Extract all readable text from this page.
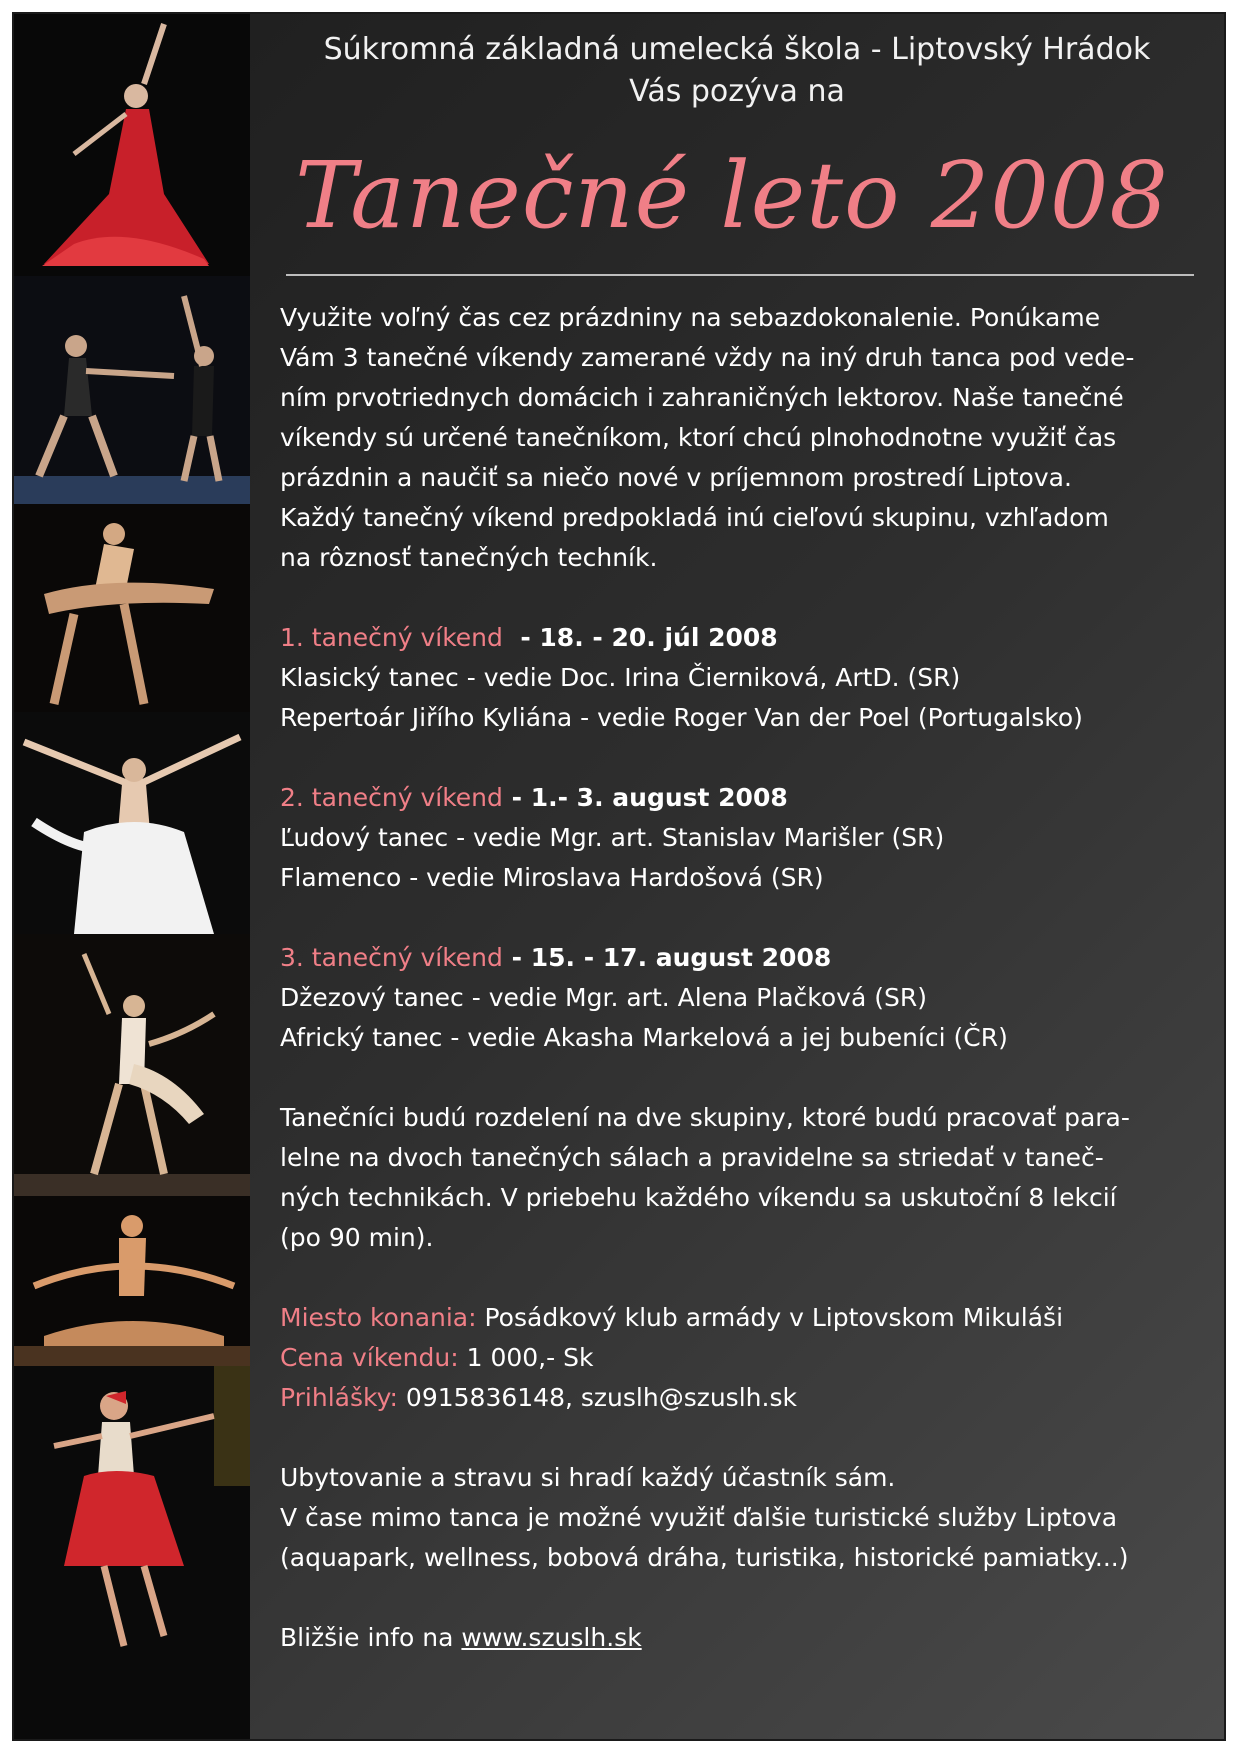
Súkromná základná umelecká škola - Liptovský Hrádok
Vás pozýva na
Tanečné leto 2008
Využite voľný čas cez prázdniny na sebazdokonalenie. Ponúkame
Vám 3 tanečné víkendy zamerané vždy na iný druh tanca pod vede-
ním prvotriednych domácich i zahraničných lektorov. Naše tanečné
víkendy sú určené tanečníkom, ktorí chcú plnohodnotne využiť čas
prázdnin a naučiť sa niečo nové v príjemnom prostredí Liptova.
Každý tanečný víkend predpokladá inú cieľovú skupinu, vzhľadom
na rôznosť tanečných techník.
1. tanečný víkend  - 18. - 20. júl 2008
Klasický tanec - vedie Doc. Irina Čierniková, ArtD. (SR)
Repertoár Jiřího Kyliána - vedie Roger Van der Poel (Portugalsko)
2. tanečný víkend - 1.- 3. august 2008
Ľudový tanec - vedie Mgr. art. Stanislav Marišler (SR)
Flamenco - vedie Miroslava Hardošová (SR)
3. tanečný víkend - 15. - 17. august 2008
Džezový tanec - vedie Mgr. art. Alena Plačková (SR)
Africký tanec - vedie Akasha Markelová a jej bubeníci (ČR)
Tanečníci budú rozdelení na dve skupiny, ktoré budú pracovať para-
lelne na dvoch tanečných sálach a pravidelne sa striedať v taneč-
ných technikách. V priebehu každého víkendu sa uskutoční 8 lekcií
(po 90 min).
Miesto konania: Posádkový klub armády v Liptovskom Mikuláši
Cena víkendu: 1 000,- Sk
Prihlášky: 0915836148, szuslh@szuslh.sk
Ubytovanie a stravu si hradí každý účastník sám.
V čase mimo tanca je možné využiť ďalšie turistické služby Liptova
(aquapark, wellness, bobová dráha, turistika, historické pamiatky...)
Bližšie info na www.szuslh.sk
